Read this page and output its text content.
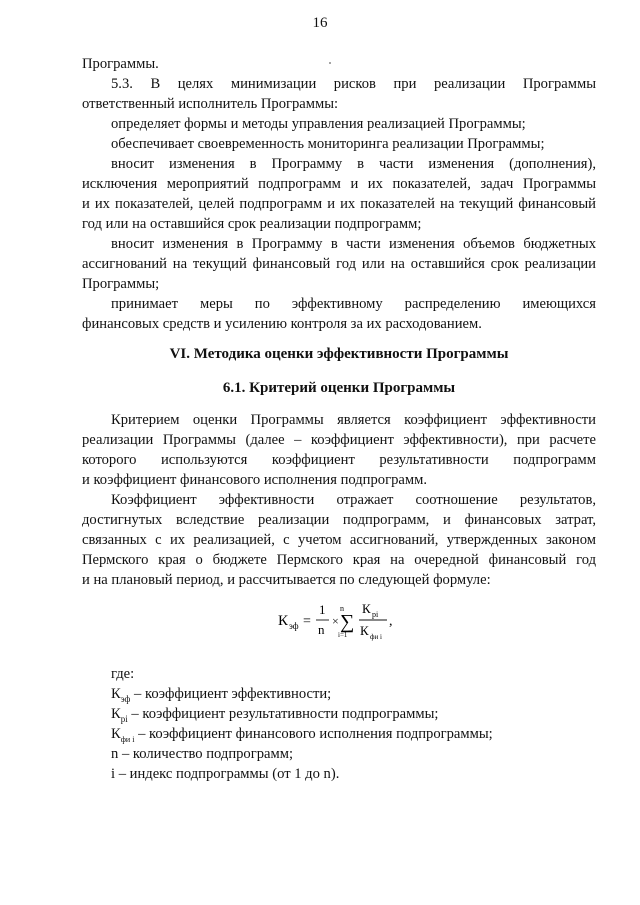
16
Программы.
5.3. В целях минимизации рисков при реализации Программы
ответственный исполнитель Программы:
определяет формы и методы управления реализацией Программы;
обеспечивает своевременность мониторинга реализации Программы;
вносит изменения в Программу в части изменения (дополнения),
исключения мероприятий подпрограмм и их показателей, задач Программы
и их показателей, целей подпрограмм и их показателей на текущий финансовый
год или на оставшийся срок реализации подпрограмм;
вносит изменения в Программу в части изменения объемов бюджетных
ассигнований на текущий финансовый год или на оставшийся срок реализации
Программы;
принимает меры по эффективному распределению имеющихся
финансовых средств и усилению контроля за их расходованием.
VI. Методика оценки эффективности Программы
6.1. Критерий оценки Программы
Критерием оценки Программы является коэффициент эффективности
реализации Программы (далее – коэффициент эффективности), при расчете
которого используются коэффициент результативности подпрограмм
и коэффициент финансового исполнения подпрограмм.
Коэффициент эффективности отражает соотношение результатов,
достигнутых вследствие реализации подпрограмм, и финансовых затрат,
связанных с их реализацией, с учетом ассигнований, утвержденных законом
Пермского края о бюджете Пермского края на очередной финансовый год
и на плановый период, и рассчитывается по следующей формуле:
К эф =
1
n
×
n
∑
i=1
К рi
К фи i
,
где:
$К_{эф}$ – коэффициент эффективности;
$К_{рi}$ – коэффициент результативности подпрограммы;
$К_{фи i}$ – коэффициент финансового исполнения подпрограммы;
n – количество подпрограмм;
i – индекс подпрограммы (от 1 до n).
